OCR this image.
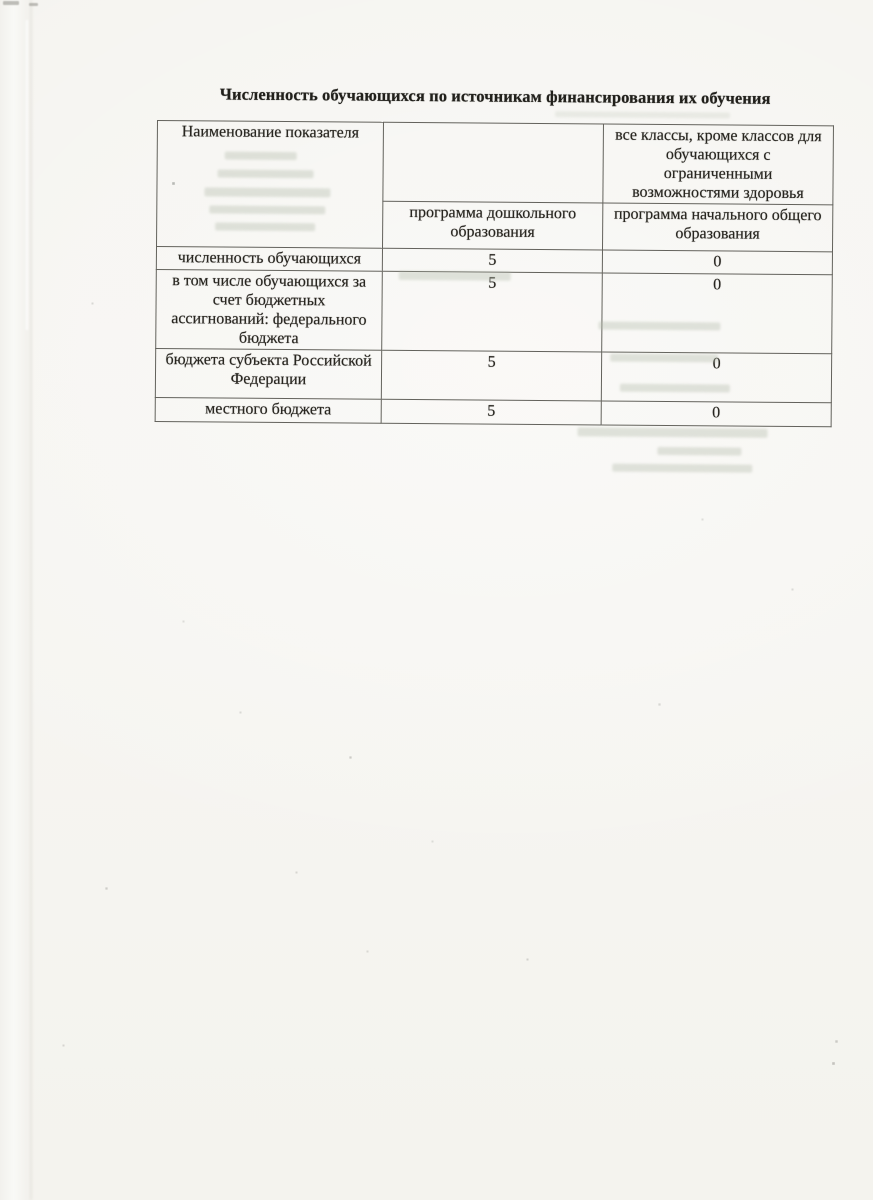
Численность обучающихся по источникам финансирования их обучения
Наименование показателя		все классы, кроме классов для обучающихся с ограниченными возможностями здоровья
	программа дошкольного образования	программа начального общего образования
численность обучающихся	5	0
в том числе обучающихся за счет бюджетных ассигнований: федерального бюджета	5	0
бюджета субъекта Российской Федерации	5	0
местного бюджета	5	0
